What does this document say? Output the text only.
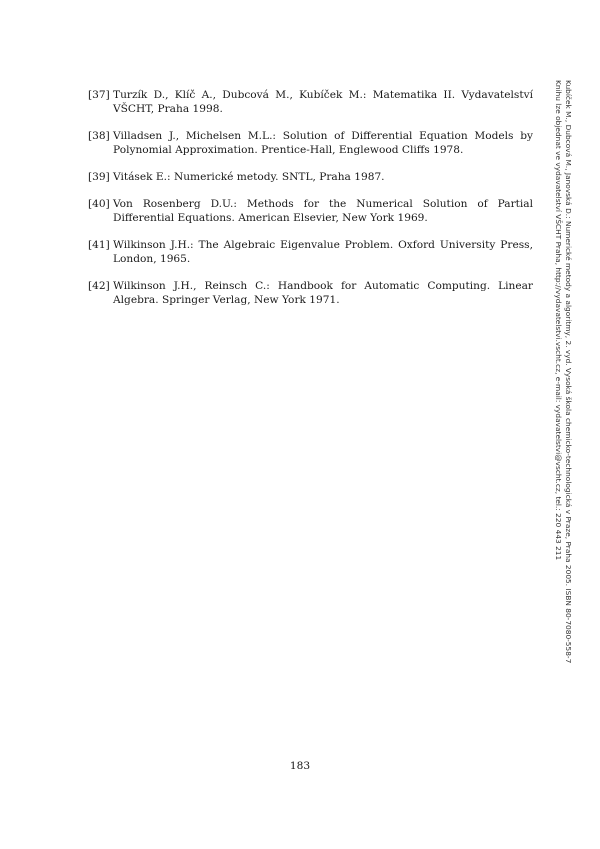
[37] Turzík D., Klíč A., Dubcová M., Kubíček M.: Matematika II. Vydavatelství VŠCHT, Praha 1998.
[38] Villadsen J., Michelsen M.L.: Solution of Differential Equation Models by Polynomial Approximation. Prentice-Hall, Englewood Cliffs 1978.
[39] Vitásek E.: Numerické metody. SNTL, Praha 1987.
[40] Von Rosenberg D.U.: Methods for the Numerical Solution of Partial Differential Equations. American Elsevier, New York 1969.
[41] Wilkinson J.H.: The Algebraic Eigenvalue Problem. Oxford University Press, London, 1965.
[42] Wilkinson J.H., Reinsch C.: Handbook for Automatic Computing. Linear Algebra. Springer Verlag, New York 1971.	Kubíček M., Dubcová M., Janovská D.: Numerické metody a algoritmy, 2. vyd. Vysoká škola chemicko-technologická v Praze, Praha 2005. ISBN 80-7080-558-7
Knihu lze objednat ve vydavatelství VŠCHT Praha, http://vydavatelstvi.vscht.cz, e-mail: vydavatelstvi@vscht.cz, tel.: 220 443 211
183
